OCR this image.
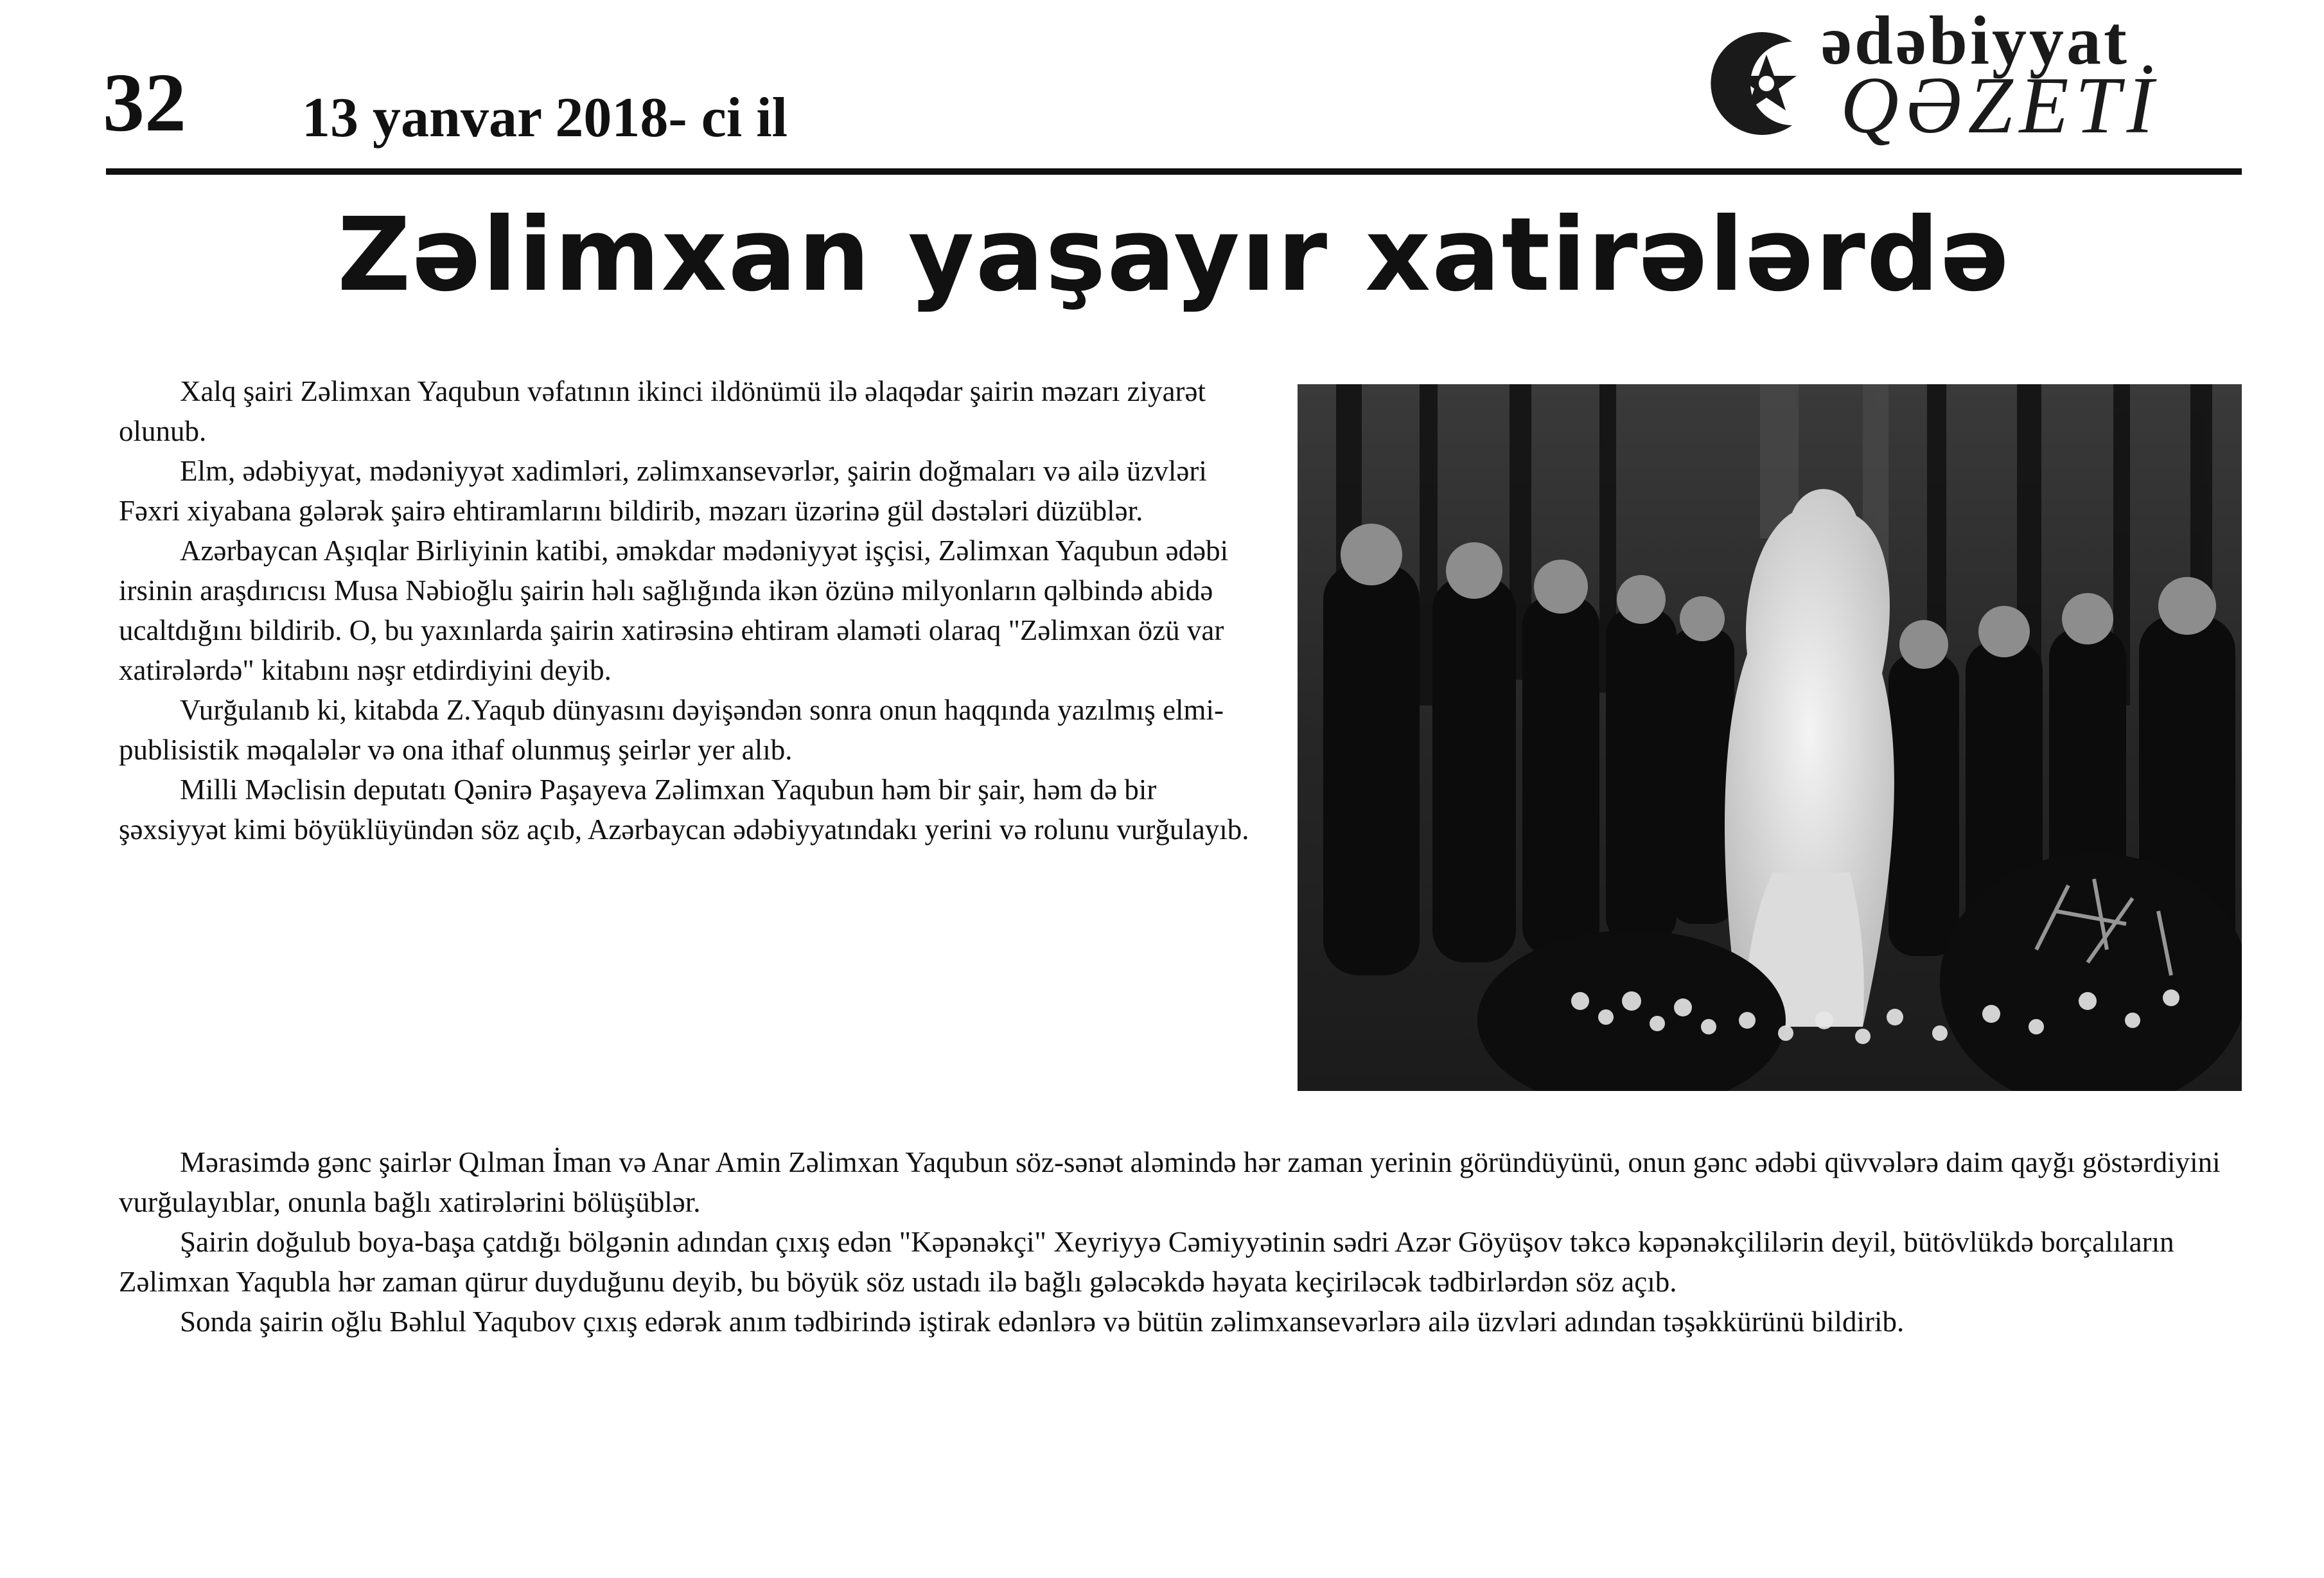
32 13 yanvar 2018- ci il
ədəbiyyat
QƏZETİ
Zəlimxan yaşayır xatirələrdə

Xalq şairi Zəlimxan Yaqubun vəfatının ikinci ildönümü ilə əlaqədar şairin məzarı ziyarət olunub.

Elm, ədəbiyyat, mədəniyyət xadimləri, zəlimxansevərlər, şairin doğmaları və ailə üzvləri Fəxri xiyabana gələrək şairə ehtiramlarını bildirib, məzarı üzərinə gül dəstələri düzüblər.

Azərbaycan Aşıqlar Birliyinin katibi, əməkdar mədəniyyət işçisi, Zəlimxan Yaqubun ədəbi irsinin araşdırıcısı Musa Nəbioğlu şairin həlı sağlığında ikən özünə milyonların qəlbində abidə ucaltdığını bildirib. O, bu yaxınlarda şairin xatirəsinə ehtiram əlaməti olaraq "Zəlimxan özü var xatirələrdə" kitabını nəşr etdirdiyini deyib.

Vurğulanıb ki, kitabda Z.Yaqub dünyasını dəyişəndən sonra onun haqqında yazılmış elmi-publisistik məqalələr və ona ithaf olunmuş şeirlər yer alıb.

Milli Məclisin deputatı Qənirə Paşayeva Zəlimxan Yaqubun həm bir şair, həm də bir şəxsiyyət kimi böyüklüyündən söz açıb, Azərbaycan ədəbiyyatındakı yerini və rolunu vurğulayıb.

Mərasimdə gənc şairlər Qılman İman və Anar Amin Zəlimxan Yaqubun söz-sənət aləmində hər zaman yerinin göründüyünü, onun gənc ədəbi qüvvələrə daim qayğı göstərdiyini vurğulayıblar, onunla bağlı xatirələrini bölüşüblər.

Şairin doğulub boya-başa çatdığı bölgənin adından çıxış edən "Kəpənəkçi" Xeyriyyə Cəmiyyətinin sədri Azər Göyüşov təkcə kəpənəkçililərin deyil, bütövlükdə borçalıların Zəlimxan Yaqubla hər zaman qürur duyduğunu deyib, bu böyük söz ustadı ilə bağlı gələcəkdə həyata keçiriləcək tədbirlərdən söz açıb.

Sonda şairin oğlu Bəhlul Yaqubov çıxış edərək anım tədbirində iştirak edənlərə və bütün zəlimxansevərlərə ailə üzvləri adından təşəkkürünü bildirib.
